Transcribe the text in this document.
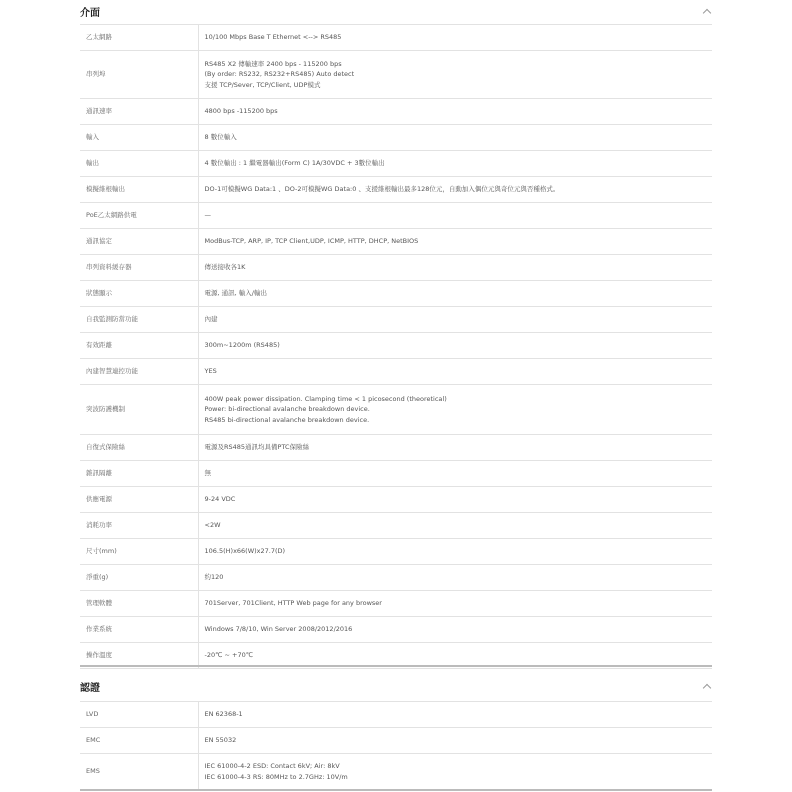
介面
乙太網路	10/100 Mbps Base T Ethernet <--> RS485
串列埠	RS485 X2 傳輸速率 2400 bps - 115200 bps
(By order: RS232, RS232+RS485) Auto detect
支援 TCP/Sever, TCP/Client, UDP模式
通訊速率	4800 bps -115200 bps
輸入	8 數位輸入
輸出	4 數位輸出 : 1 繼電器輸出(Form C) 1A/30VDC + 3數位輸出
模擬維根輸出	DO-1可模擬WG Data:1 、DO-2可模擬WG Data:0 、支援維根輸出最多128位元，自動加入偶位元與奇位元與否種格式。
PoE乙太網路供電	—
通訊協定	ModBus-TCP, ARP, IP, TCP Client,UDP, ICMP, HTTP, DHCP, NetBIOS
串列資料緩存器	傳送接收各1K
狀態顯示	電源, 通訊, 輸入/輸出
自我監測防當功能	內建
有效距離	300m~1200m (RS485)
內建智慧連控功能	YES
突波防護機制	400W peak power dissipation. Clamping time < 1 picosecond (theoretical)
Power: bi-directional avalanche breakdown device.
RS485 bi-directional avalanche breakdown device.
自復式保險絲	電源及RS485通訊均具備PTC保險絲
雜訊隔離	無
供應電源	9-24 VDC
消耗功率	<2W
尺寸(mm)	106.5(H)x66(W)x27.7(D)
淨重(g)	約120
管理軟體	701Server, 701Client, HTTP Web page for any browser
作業系統	Windows 7/8/10, Win Server 2008/2012/2016
操作溫度	-20℃ ~ +70℃
認證
LVD	EN 62368-1
EMC	EN 55032
EMS	IEC 61000-4-2 ESD: Contact 6kV; Air: 8kV
IEC 61000-4-3 RS: 80MHz to 2.7GHz: 10V/m
